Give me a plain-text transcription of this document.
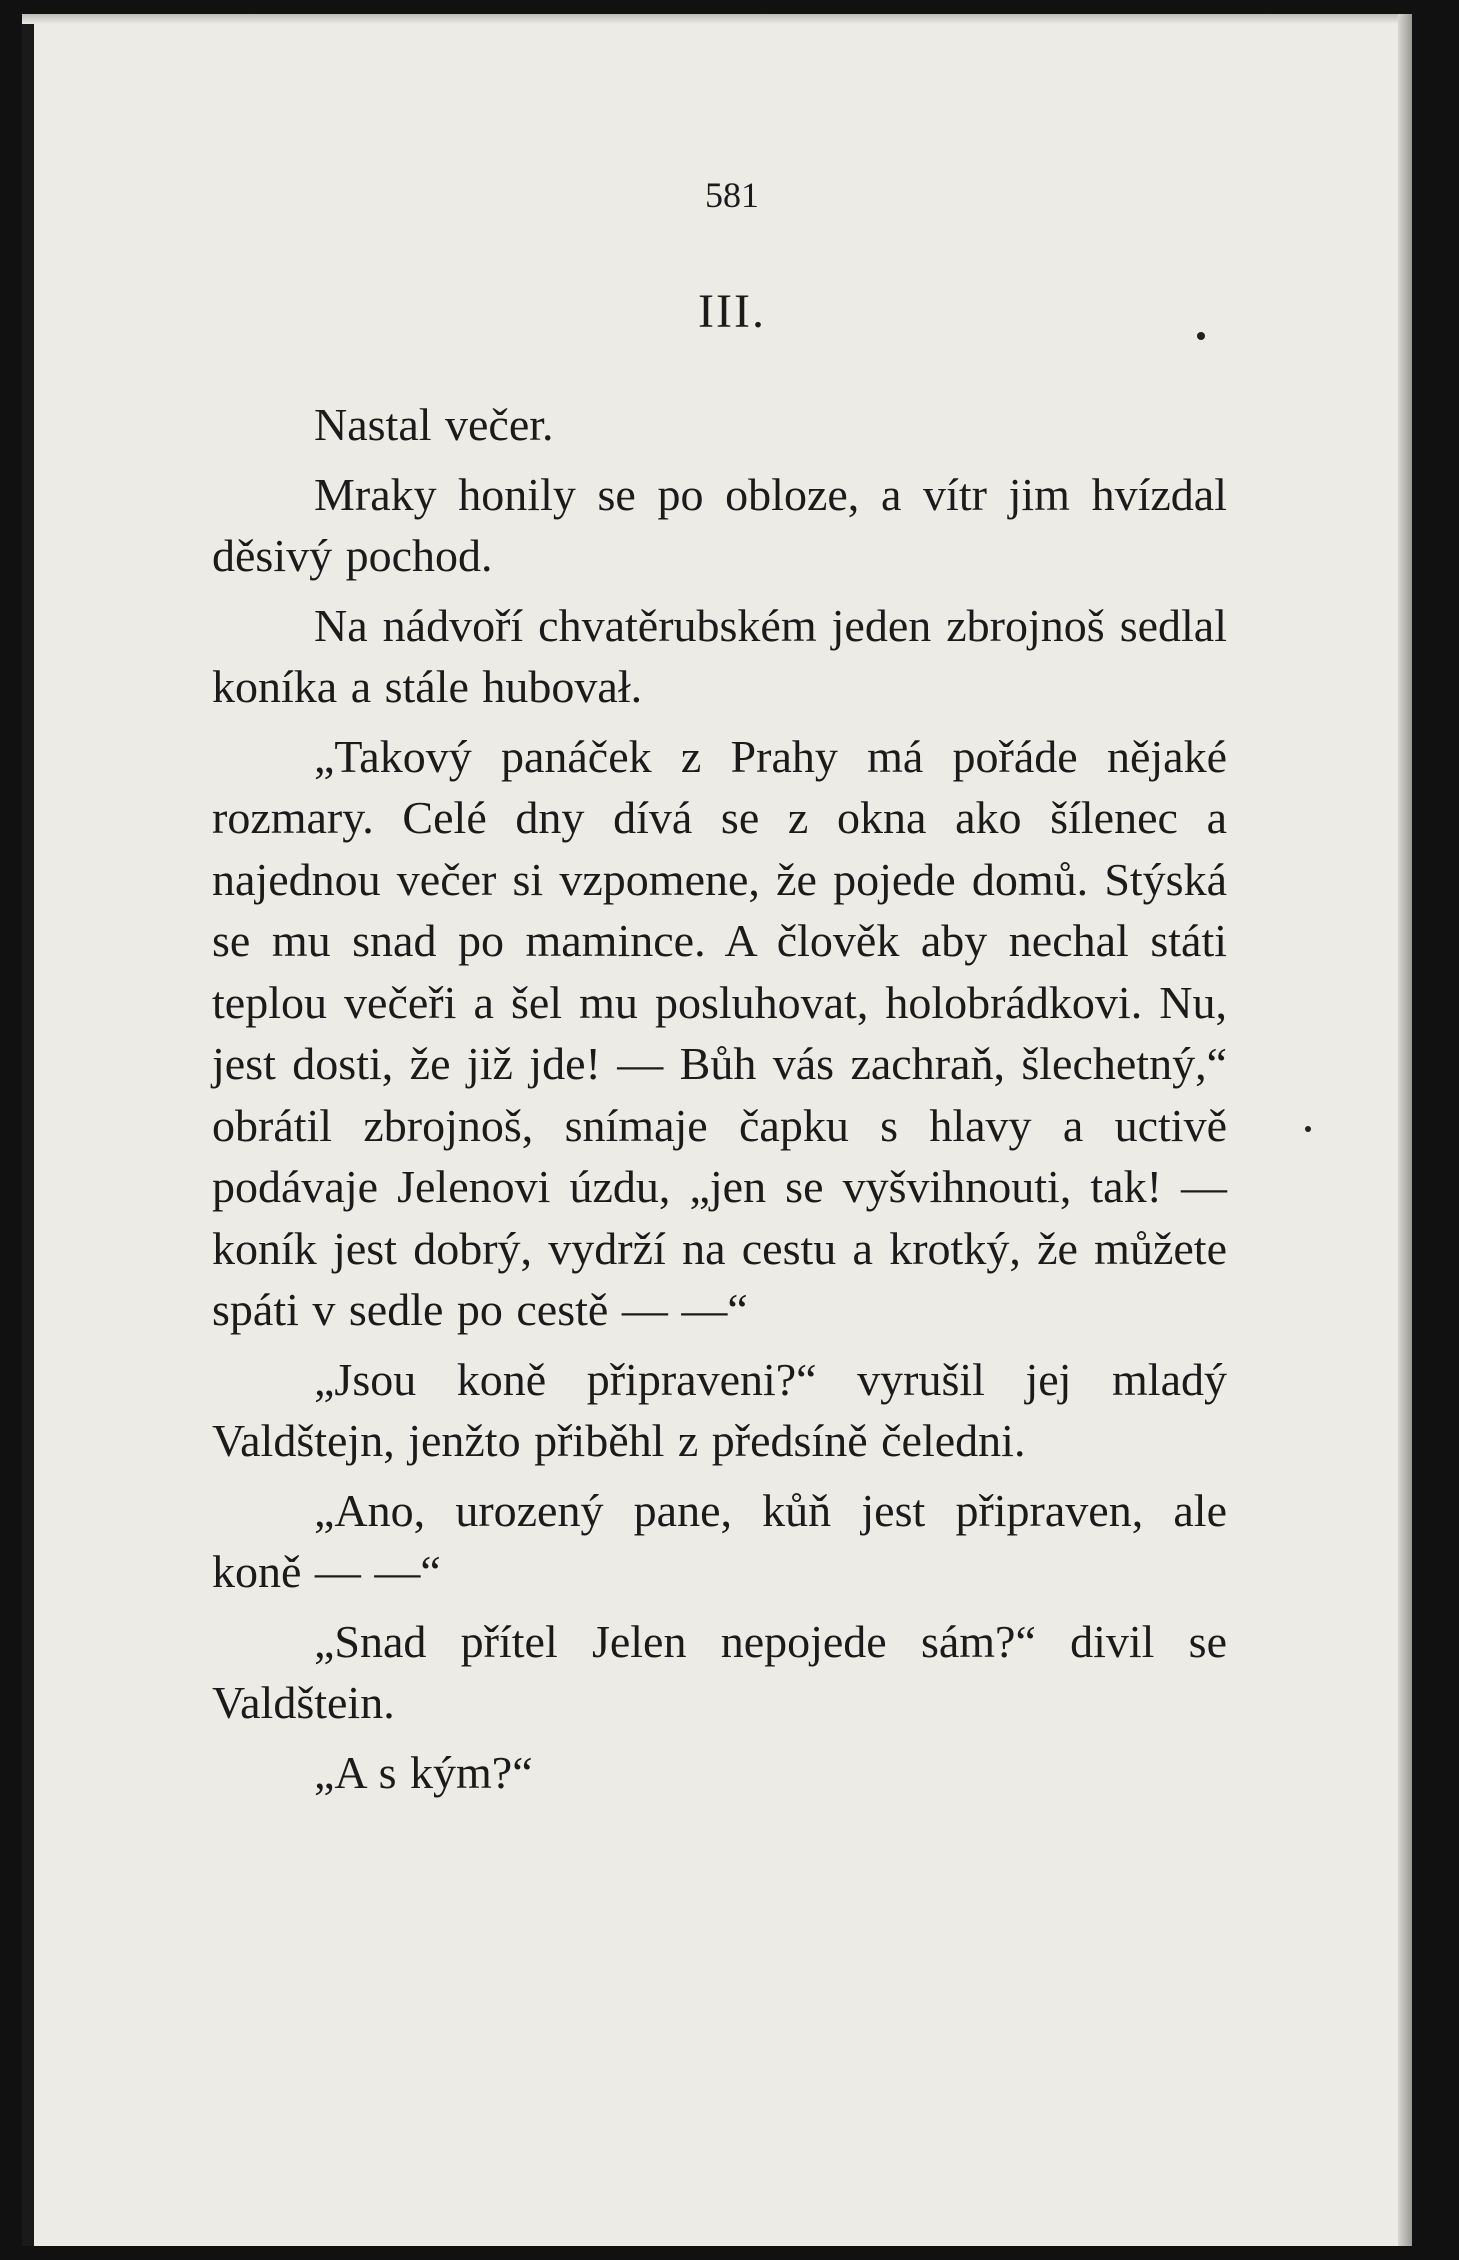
581
III.

Nastal večer.

Mraky honily se po obloze, a vítr jim hvízdal děsivý pochod.

Na nádvoří chvatěrubském jeden zbrojnoš sedlal koníka a stále hubovał.

„Takový panáček z Prahy má pořáde nějaké rozmary. Celé dny dívá se z okna ako šílenec a najednou večer si vzpomene, že pojede domů. Stýská se mu snad po mamince. A člověk aby nechal státi teplou večeři a šel mu posluhovat, holobrádkovi. Nu, jest dosti, že již jde! — Bůh vás zachraň, šlechetný,“ obrátil zbrojnoš, snímaje čapku s hlavy a uctivě podávaje Jelenovi úzdu, „jen se vyšvihnouti, tak! — koník jest dobrý, vydrží na cestu a krotký, že můžete spáti v sedle po cestě — —“

„Jsou koně připraveni?“ vyrušil jej mladý Valdštejn, jenžto přiběhl z předsíně čeledni.

„Ano, urozený pane, kůň jest připraven, ale koně — —“

„Snad přítel Jelen nepojede sám?“ divil se Valdštein.

„A s kým?“
